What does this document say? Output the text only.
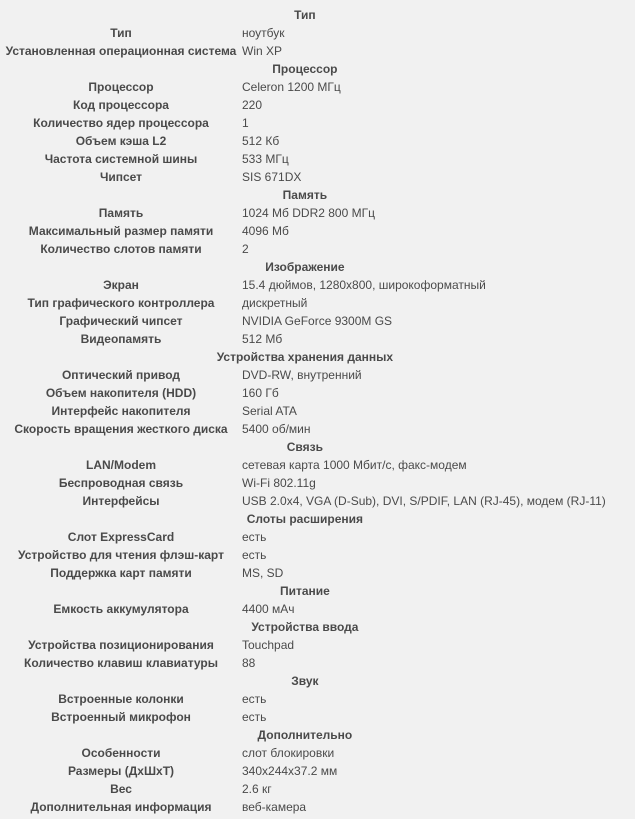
Тип	
Тип	ноутбук
Установленная операционная система	Win XP
Процессор	
Процессор	Celeron 1200 МГц
Код процессора	220
Количество ядер процессора	1
Объем кэша L2	512 Кб
Частота системной шины	533 МГц
Чипсет	SIS 671DX
Память	
Память	1024 Мб DDR2 800 МГц
Максимальный размер памяти	4096 Мб
Количество слотов памяти	2
Изображение	
Экран	15.4 дюймов, 1280x800, широкоформатный
Тип графического контроллера	дискретный
Графический чипсет	NVIDIA GeForce 9300M GS
Видеопамять	512 Мб
Устройства хранения данных	
Оптический привод	DVD-RW, внутренний
Объем накопителя (HDD)	160 Гб
Интерфейс накопителя	Serial ATA
Скорость вращения жесткого диска	5400 об/мин
Связь	
LAN/Modem	сетевая карта 1000 Мбит/с, факс-модем
Беспроводная связь	Wi-Fi 802.11g
Интерфейсы	USB 2.0x4, VGA (D-Sub), DVI, S/PDIF, LAN (RJ-45), модем (RJ-11)
Слоты расширения	
Слот ExpressCard	есть
Устройство для чтения флэш-карт	есть
Поддержка карт памяти	MS, SD
Питание	
Емкость аккумулятора	4400 мАч
Устройства ввода	
Устройства позиционирования	Touchpad
Количество клавиш клавиатуры	88
Звук	
Встроенные колонки	есть
Встроенный микрофон	есть
Дополнительно	
Особенности	слот блокировки
Размеры (ДхШхТ)	340x244x37.2 мм
Вес	2.6 кг
Дополнительная информация	веб-камера
